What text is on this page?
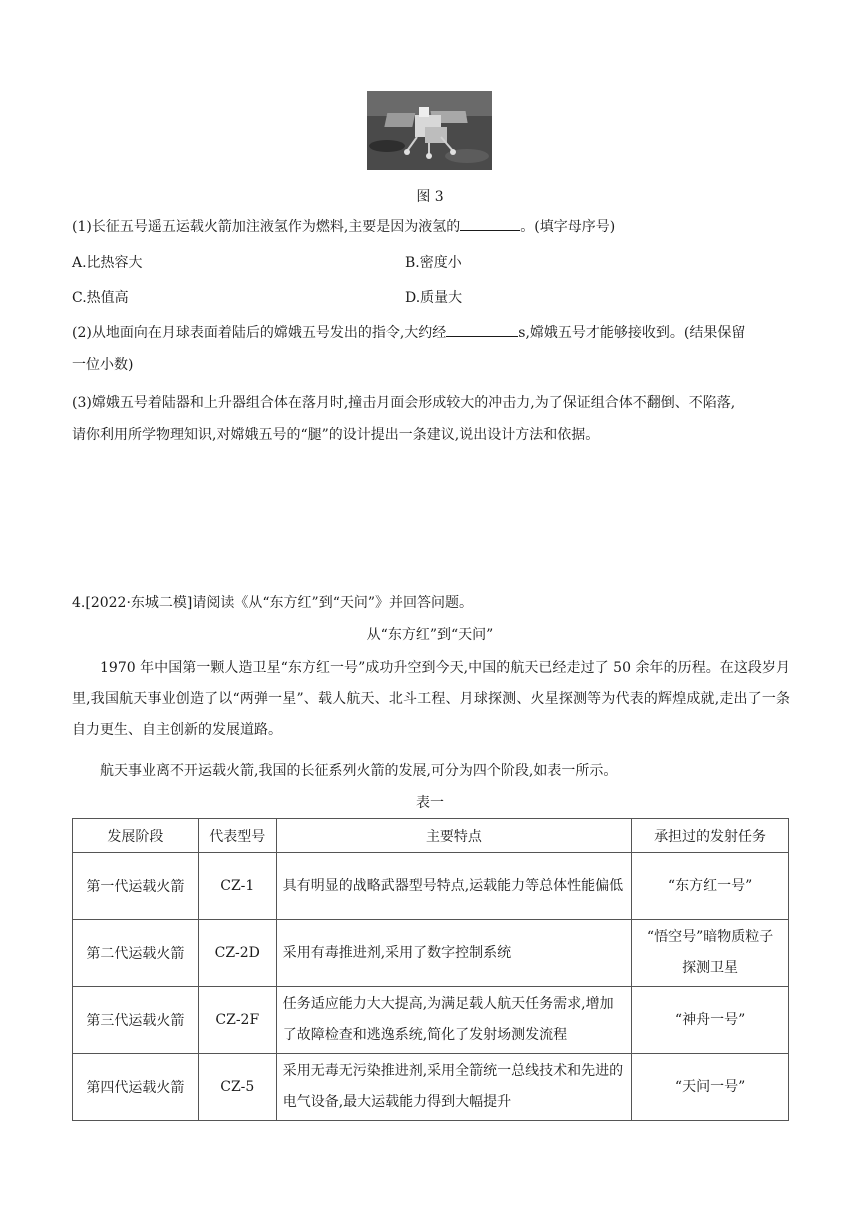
图 3
(1)长征五号遥五运载火箭加注液氢作为燃料,主要是因为液氢的	。(填字母序号)
A.比热容大	B.密度小
C.热值高	D.质量大
(2)从地面向在月球表面着陆后的嫦娥五号发出的指令,大约经	s,嫦娥五号才能够接收到。(结果保留
一位小数)
(3)嫦娥五号着陆器和上升器组合体在落月时,撞击月面会形成较大的冲击力,为了保证组合体不翻倒、不陷落,
请你利用所学物理知识,对嫦娥五号的“腿”的设计提出一条建议,说出设计方法和依据。
4.[2022·东城二模]请阅读《从“东方红”到“天问”》并回答问题。
从“东方红”到“天问”
1970 年中国第一颗人造卫星“东方红一号”成功升空到今天,中国的航天已经走过了 50 余年的历程。在这段岁月里,我国航天事业创造了以“两弹一星”、载人航天、北斗工程、月球探测、火星探测等为代表的辉煌成就,走出了一条自力更生、自主创新的发展道路。
航天事业离不开运载火箭,我国的长征系列火箭的发展,可分为四个阶段,如表一所示。
表一
发展阶段	代表型号	主要特点	承担过的发射任务
第一代运载火箭	CZ-1	具有明显的战略武器型号特点,运载能力等总体性能偏低	“东方红一号”
第二代运载火箭	CZ-2D	采用有毒推进剂,采用了数字控制系统	“悟空号”暗物质粒子探测卫星
第三代运载火箭	CZ-2F	任务适应能力大大提高,为满足载人航天任务需求,增加了故障检查和逃逸系统,简化了发射场测发流程	“神舟一号”
第四代运载火箭	CZ-5	采用无毒无污染推进剂,采用全箭统一总线技术和先进的电气设备,最大运载能力得到大幅提升	“天问一号”
